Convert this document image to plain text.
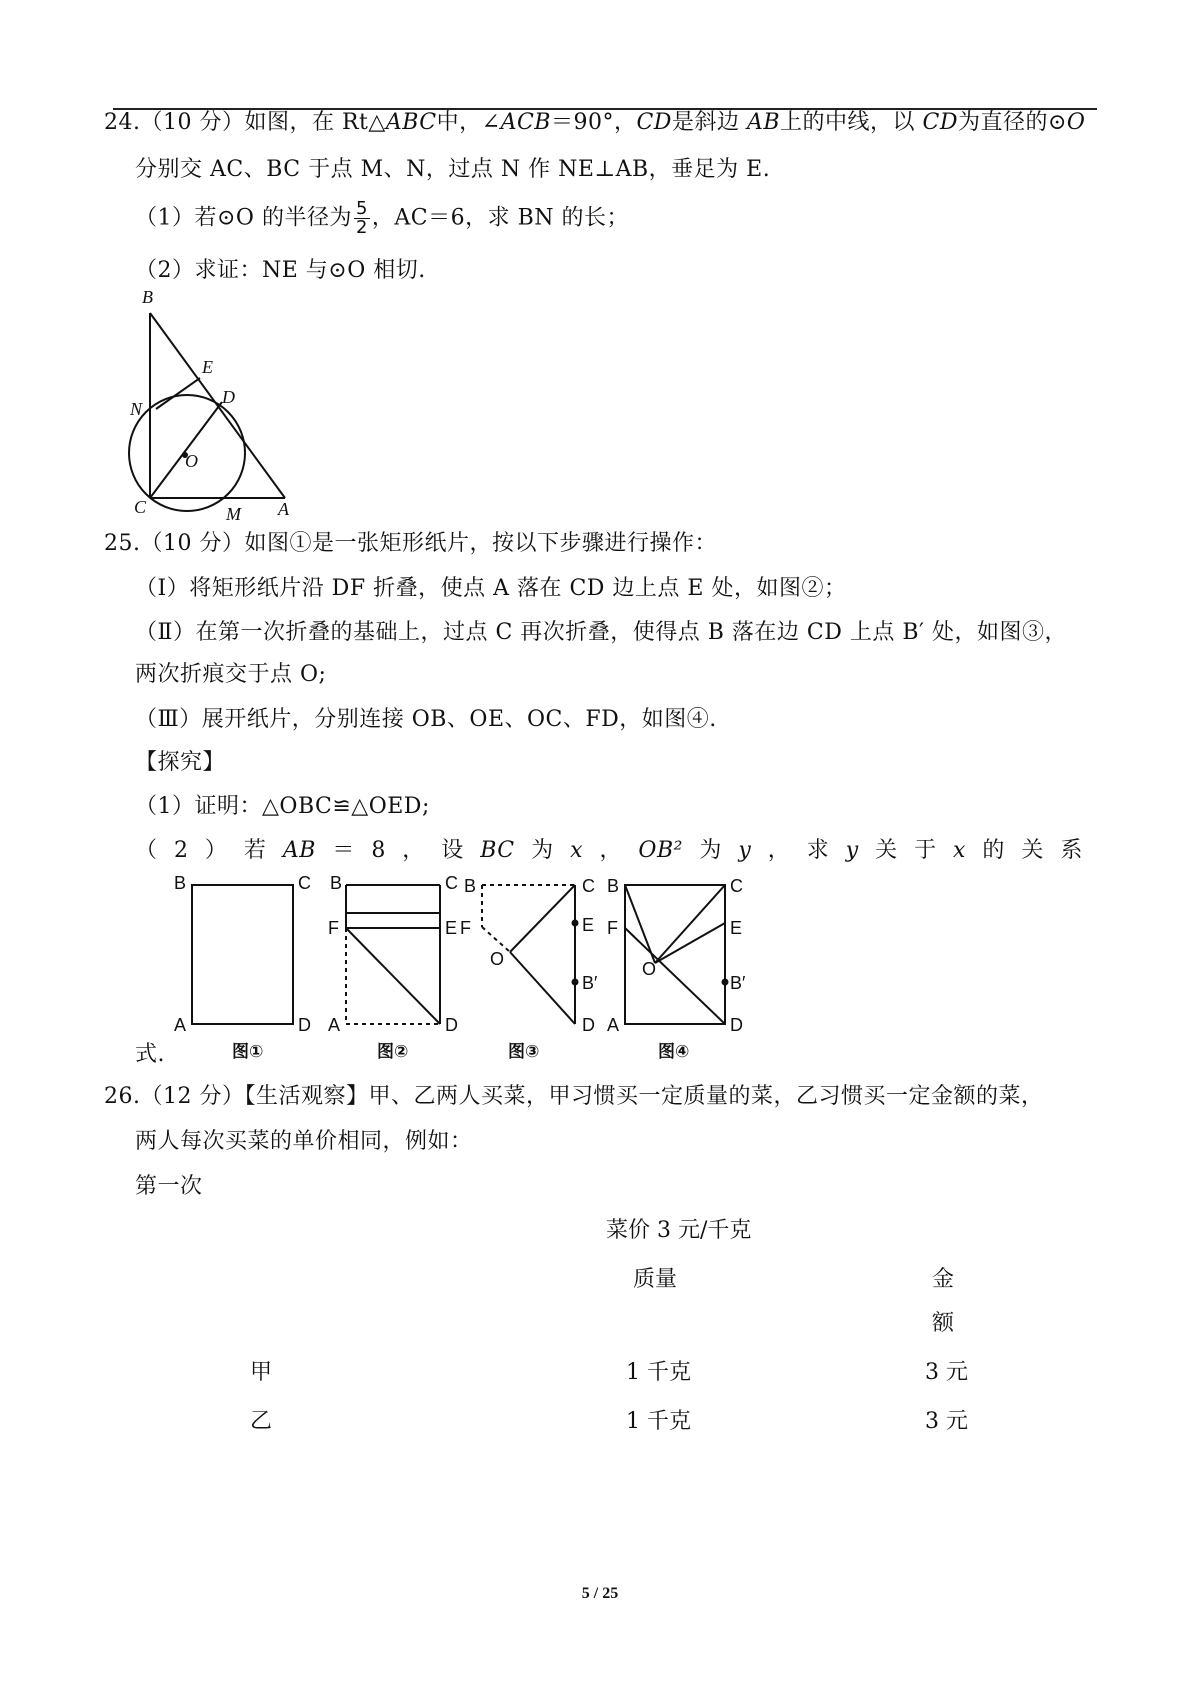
24.（10 分）如图，在 Rt△ABC中，∠ACB＝90°，CD是斜边 AB上的中线，以 CD为直径的⊙O
分别交 AC、BC 于点 M、N，过点 N 作 NE⊥AB，垂足为 E.
（1）若⊙O 的半径为 $\frac{5}{2}$ ，AC＝6，求 BN 的长；
（2）求证：NE 与⊙O 相切.
B
E
N
D
O
C	M A
25.（10 分）如图①是一张矩形纸片，按以下步骤进行操作：
（Ⅰ）将矩形纸片沿 DF 折叠，使点 A 落在 CD 边上点 E 处，如图②；
（Ⅱ）在第一次折叠的基础上，过点 C 再次折叠，使得点 B 落在边 CD 上点 B′ 处，如图③，
两次折痕交于点 O;
（Ⅲ）展开纸片，分别连接 OB、OE、OC、FD，如图④.
【探究】
（1）证明：△OBC≌△OED;
（ 2 ） 若 AB ＝ 8 ， 设 BC 为 x ， OB² 为 y ， 求 y 关 于 x 的 关 系
式.
B	C
A	D
B	C
F	E
A	D
B	C
F	E
O
B′
D
B	C
F	E
O
B′
A	D
图①	图②	图③	图④
26.（12 分）【生活观察】甲、乙两人买菜，甲习惯买一定质量的菜，乙习惯买一定金额的菜，
两人每次买菜的单价相同，例如：
第一次
菜价 3 元/千克
质量	金
额
甲	1 千克	3 元
乙	1 千克	3 元
5 / 25
